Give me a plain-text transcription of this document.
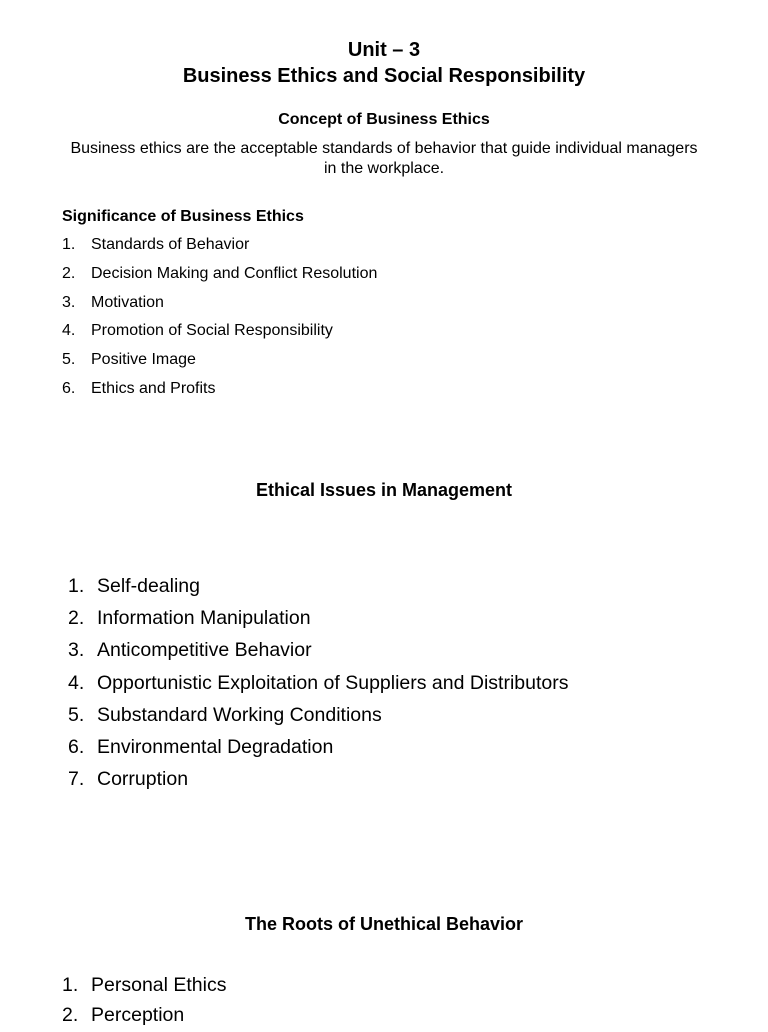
Unit – 3
Business Ethics and Social Responsibility
Concept of Business Ethics

Business ethics are the acceptable standards of behavior that guide individual managers in the workplace.

Significance of Business Ethics
1. Standards of Behavior
2. Decision Making and Conflict Resolution
3. Motivation
4. Promotion of Social Responsibility
5. Positive Image
6. Ethics and Profits
Ethical Issues in Management
1. Self-dealing
2. Information Manipulation
3. Anticompetitive Behavior
4. Opportunistic Exploitation of Suppliers and Distributors
5. Substandard Working Conditions
6. Environmental Degradation
7. Corruption
The Roots of Unethical Behavior
1. Personal Ethics
2. Perception
